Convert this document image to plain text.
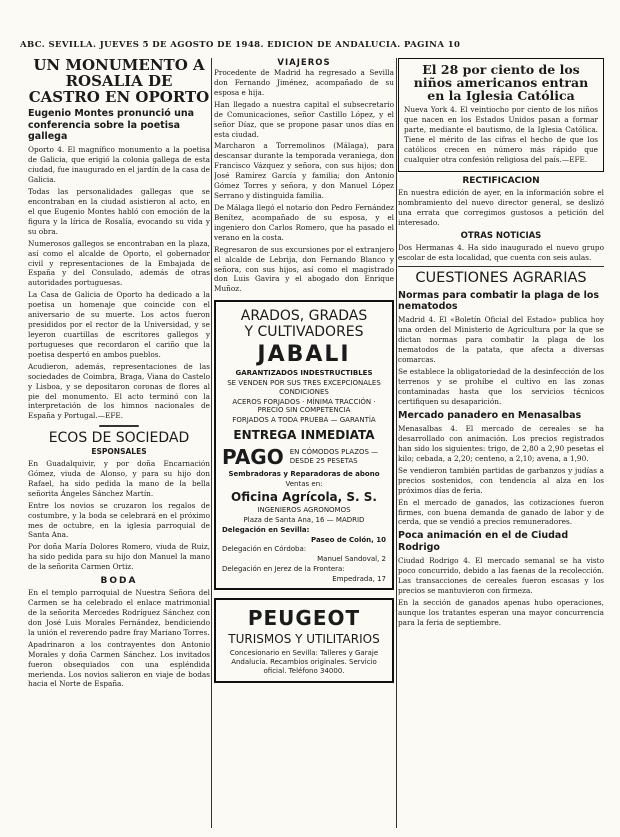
ABC. SEVILLA. JUEVES 5 DE AGOSTO DE 1948. EDICION DE ANDALUCIA. PAGINA 10
UN MONUMENTO A ROSALIA DE CASTRO EN OPORTO
Eugenio Montes pronunció una conferencia sobre la poetisa gallega

Oporto 4. El magnífico monumento a la poetisa de Galicia, que erigió la colonia gallega de esta ciudad, fue inaugurado en el jardín de la casa de Galicia.

Todas las personalidades gallegas que se encontraban en la ciudad asistieron al acto, en el que Eugenio Montes habló con emoción de la figura y la lírica de Rosalía, evocando su vida y su obra.

Numerosos gallegos se encontraban en la plaza, así como el alcalde de Oporto, el gobernador civil y representaciones de la Embajada de España y del Consulado, además de otras autoridades portuguesas.

La Casa de Galicia de Oporto ha dedicado a la poetisa un homenaje que coincide con el aniversario de su muerte. Los actos fueron presididos por el rector de la Universidad, y se leyeron cuartillas de escritores gallegos y portugueses que recordaron el cariño que la poetisa despertó en ambos pueblos.

Acudieron, además, representaciones de las sociedades de Coimbra, Braga, Viana do Castelo y Lisboa, y se depositaron coronas de flores al pie del monumento. El acto terminó con la interpretación de los himnos nacionales de España y Portugal.—EFE.

ECOS DE SOCIEDAD
ESPONSALES

En Guadalquivir, y por doña Encarnación Gómez, viuda de Alonso, y para su hijo don Rafael, ha sido pedida la mano de la bella señorita Ángeles Sánchez Martín.

Entre los novios se cruzaron los regalos de costumbre, y la boda se celebrará en el próximo mes de octubre, en la iglesia parroquial de Santa Ana.

Por doña María Dolores Romero, viuda de Ruiz, ha sido pedida para su hijo don Manuel la mano de la señorita Carmen Ortiz.

BODA

En el templo parroquial de Nuestra Señora del Carmen se ha celebrado el enlace matrimonial de la señorita Mercedes Rodríguez Sánchez con don José Luis Morales Fernández, bendiciendo la unión el reverendo padre fray Mariano Torres.

Apadrinaron a los contrayentes don Antonio Morales y doña Carmen Sánchez. Los invitados fueron obsequiados con una espléndida merienda. Los novios salieron en viaje de bodas hacia el Norte de España.

VIAJEROS

Procedente de Madrid ha regresado a Sevilla don Fernando Jiménez, acompañado de su esposa e hija.

Han llegado a nuestra capital el subsecretario de Comunicaciones, señor Castillo López, y el señor Díaz, que se propone pasar unos días en esta ciudad.

Marcharon a Torremolinos (Málaga), para descansar durante la temporada veraniega, don Francisco Vázquez y señora, con sus hijos; don José Ramírez García y familia; don Antonio Gómez Torres y señora, y don Manuel López Serrano y distinguida familia.

De Málaga llegó el notario don Pedro Fernández Benítez, acompañado de su esposa, y el ingeniero don Carlos Romero, que ha pasado el verano en la costa.

Regresaron de sus excursiones por el extranjero el alcalde de Lebrija, don Fernando Blanco y señora, con sus hijos, así como el magistrado don Luis Gavira y el abogado don Enrique Muñoz.

ARADOS, GRADAS
Y CULTIVADORES
JABALI
GARANTIZADOS INDESTRUCTIBLES
SE VENDEN POR SUS TRES EXCEPCIONALES CONDICIONES
ACEROS FORJADOS · MÍNIMA TRACCIÓN · PRECIO SIN COMPETENCIA
FORJADOS A TODA PRUEBA — GARANTÍA
ENTREGA INMEDIATA
PAGO EN CÓMODOS PLAZOS — DESDE 25 PESETAS
Sembradoras y Reparadoras de abono
Ventas en:
Oficina Agrícola, S. S.
INGENIEROS AGRONOMOS
Plaza de Santa Ana, 16 — MADRID
Delegación en Sevilla:
Paseo de Colón, 10
Delegación en Córdoba:
Manuel Sandoval, 2
Delegación en Jerez de la Frontera:
Empedrada, 17
PEUGEOT
TURISMOS Y UTILITARIOS
Concesionario en Sevilla: Talleres y Garaje Andalucía. Recambios originales. Servicio oficial. Teléfono 34000.
El 28 por ciento de los niños americanos entran en la Iglesia Católica

Nueva York 4. El veintiocho por ciento de los niños que nacen en los Estados Unidos pasan a formar parte, mediante el bautismo, de la Iglesia Católica. Tiene el mérito de las cifras el hecho de que los católicos crecen en número más rápido que cualquier otra confesión religiosa del país.—EFE.

RECTIFICACION

En nuestra edición de ayer, en la información sobre el nombramiento del nuevo director general, se deslizó una errata que corregimos gustosos a petición del interesado.

OTRAS NOTICIAS

Dos Hermanas 4. Ha sido inaugurado el nuevo grupo escolar de esta localidad, que cuenta con seis aulas.

CUESTIONES AGRARIAS
Normas para combatir la plaga de los nematodos

Madrid 4. El «Boletín Oficial del Estado» publica hoy una orden del Ministerio de Agricultura por la que se dictan normas para combatir la plaga de los nematodos de la patata, que afecta a diversas comarcas.

Se establece la obligatoriedad de la desinfección de los terrenos y se prohíbe el cultivo en las zonas contaminadas hasta que los servicios técnicos certifiquen su desaparición.

Mercado panadero en Menasalbas

Menasalbas 4. El mercado de cereales se ha desarrollado con animación. Los precios registrados han sido los siguientes: trigo, de 2,80 a 2,90 pesetas el kilo; cebada, a 2,20; centeno, a 2,10; avena, a 1,90.

Se vendieron también partidas de garbanzos y judías a precios sostenidos, con tendencia al alza en los próximos días de feria.

En el mercado de ganados, las cotizaciones fueron firmes, con buena demanda de ganado de labor y de cerda, que se vendió a precios remuneradores.

Poca animación en el de Ciudad Rodrigo

Ciudad Rodrigo 4. El mercado semanal se ha visto poco concurrido, debido a las faenas de la recolección. Las transacciones de cereales fueron escasas y los precios se mantuvieron con firmeza.

En la sección de ganados apenas hubo operaciones, aunque los tratantes esperan una mayor concurrencia para la feria de septiembre.
